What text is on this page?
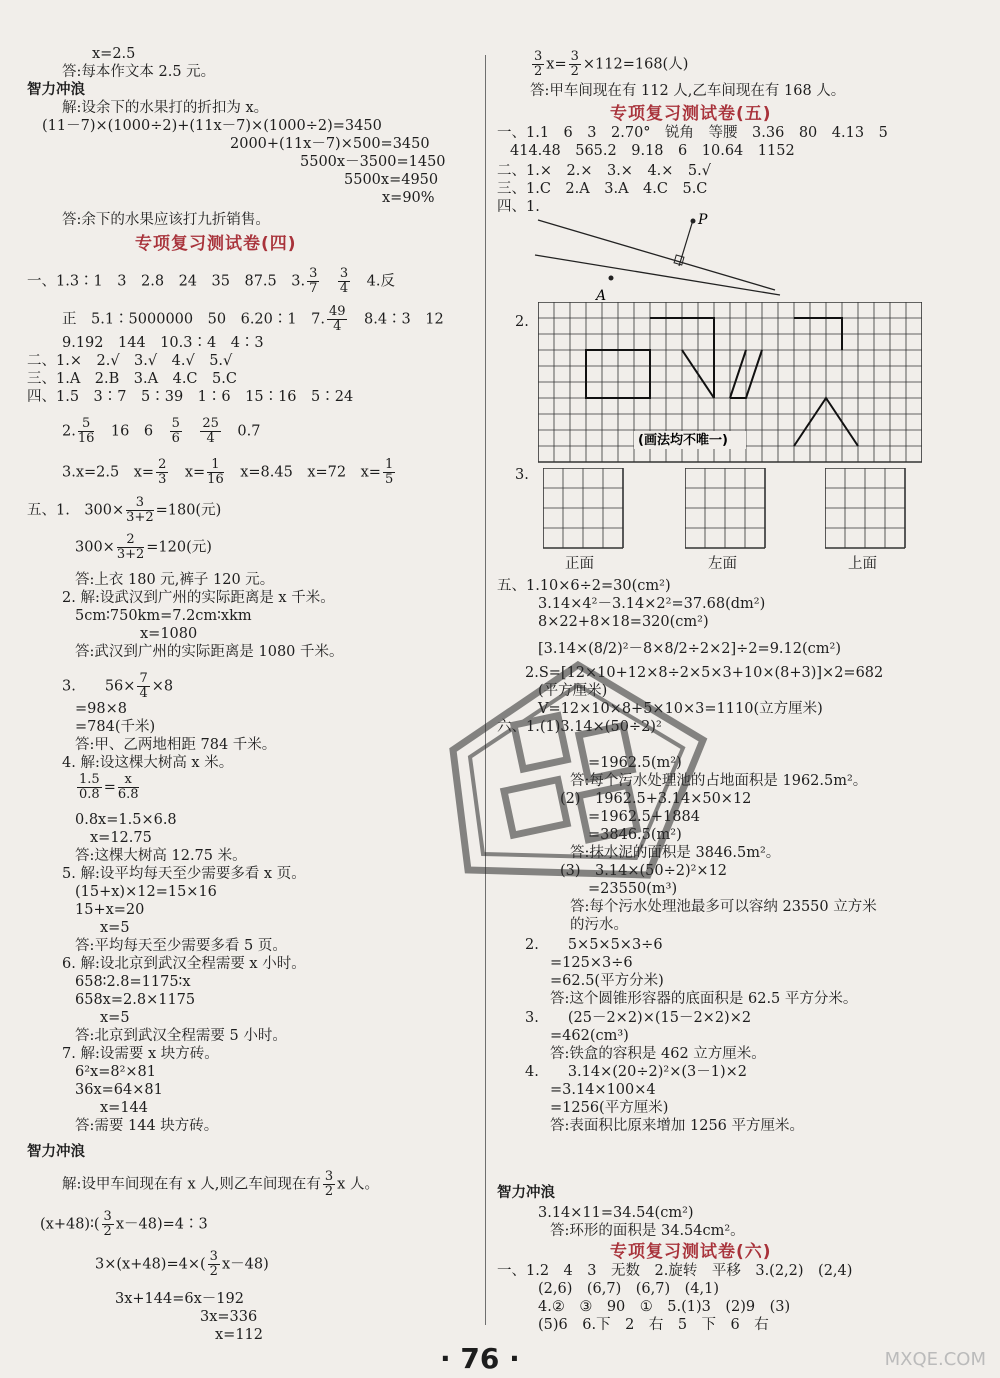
x=2.5
答:每本作文本 2.5 元。
智力冲浪
解:设余下的水果打的折扣为 x。
(11－7)×(1000÷2)+(11x－7)×(1000÷2)=3450
2000+(11x－7)×500=3450
5500x－3500=1450
5500x=4950
x=90%
答:余下的水果应该打九折销售。
专项复习测试卷(四)
一、1.3∶1　3　2.8　24　35　87.5　3. $\frac{3}{7}$
　 $\frac{3}{4}$
　 4.反
正　5.1∶5000000　50　6.20∶1　7. $\frac{49}{4}$
　 8.4∶3　12
9.192　144　10.3∶4　4∶3
二、1.×　2.√　3.√　4.√　5.√
三、1.A　2.B　3.A　4.C　5.C
四、1.5　3∶7　5∶39　1∶6　15∶16　5∶24
2. $\frac{5}{16}$
　 16　6　 $\frac{5}{6}$
　 $\frac{25}{4}$
　 0.7
3.x=2.5　$x= \frac{2}{3}$
　 $x= \frac{1}{16}$
　 x=8.45　x=72　$x= \frac{1}{5}$
五、1.　$300\times \frac{3}{3+2} =180$(元)
$300\times \frac{2}{3+2} =120$(元)
答:上衣 180 元,裤子 120 元。
2. 解:设武汉到广州的实际距离是 x 千米。
5cm∶750km=7.2cm∶xkm
x=1080
答:武汉到广州的实际距离是 1080 千米。
3.　　$56\times \frac{7}{4} \times 8$
=98×8
=784(千米)
答:甲、乙两地相距 784 千米。
4. 解:设这棵大树高 x 米。
$\frac{1.5}{0.8} = \frac{x}{6.8}$
0.8x=1.5×6.8
x=12.75
答:这棵大树高 12.75 米。
5. 解:设平均每天至少需要多看 x 页。
(15+x)×12=15×16
15+x=20
x=5
答:平均每天至少需要多看 5 页。
6. 解:设北京到武汉全程需要 x 小时。
658∶2.8=1175∶x
658x=2.8×1175
x=5
答:北京到武汉全程需要 5 小时。
7. 解:设需要 x 块方砖。
6²x=8²×81
36x=64×81
x=144
答:需要 144 块方砖。
智力冲浪
解:设甲车间现在有 x 人,则乙车间现在有 $\frac{3}{2}$ x 人。
(x+48)∶( $\frac{3}{2}$ x－48)=4∶3
$3\times(x+48)=4\times( \frac{3}{2} x-48)$
3x+144=6x－192
3x=336
x=112
$\frac{3}{2} x= \frac{3}{2} \times 112=168$(人)
答:甲车间现在有 112 人,乙车间现在有 168 人。
专项复习测试卷(五)
一、1.1　6　3　2.70°　锐角　等腰　3.36　80　4.13　5
414.48　565.2　9.18　6　10.64　1152
二、1.×　2.×　3.×　4.×　5.√
三、1.C　2.A　3.A　4.C　5.C
四、1.
P
A
2.
(画法均不唯一)
3.
正面	左面	上面
五、1.10×6÷2=30(cm²)
3.14×4²－3.14×2²=37.68(dm²)
8×22+8×18=320(cm²)
[3.14×(8/2)²－8×8/2÷2×2]÷2=9.12(cm²)
2.S=[12×10+12×8÷2×5×3+10×(8+3)]×2=682
(平方厘米)
V=12×10×8+5×10×3=1110(立方厘米)
六、1.(1)3.14×(50÷2)²
=1962.5(m²)
答:每个污水处理池的占地面积是 1962.5m²。
(2)　1962.5+3.14×50×12
=1962.5+1884
=3846.5(m²)
答:抹水泥的面积是 3846.5m²。
(3)　3.14×(50÷2)²×12
=23550(m³)
答:每个污水处理池最多可以容纳 23550 立方米
的污水。
2.　　5×5×5×3÷6
=125×3÷6
=62.5(平方分米)
答:这个圆锥形容器的底面积是 62.5 平方分米。
3.　　(25－2×2)×(15－2×2)×2
=462(cm³)
答:铁盒的容积是 462 立方厘米。
4.　　3.14×(20÷2)²×(3－1)×2
=3.14×100×4
=1256(平方厘米)
答:表面积比原来增加 1256 平方厘米。
智力冲浪
3.14×11=34.54(cm²)
答:环形的面积是 34.54cm²。
专项复习测试卷(六)
一、1.2　4　3　无数　2.旋转　平移　3.(2,2)　(2,4)
(2,6)　(6,7)　(6,7)　(4,1)
4.②　③　90　①　5.(1)3　(2)9　(3)
(5)6　6.下　2　右　5　下　6　右
· 76 ·	MXQE.COM
